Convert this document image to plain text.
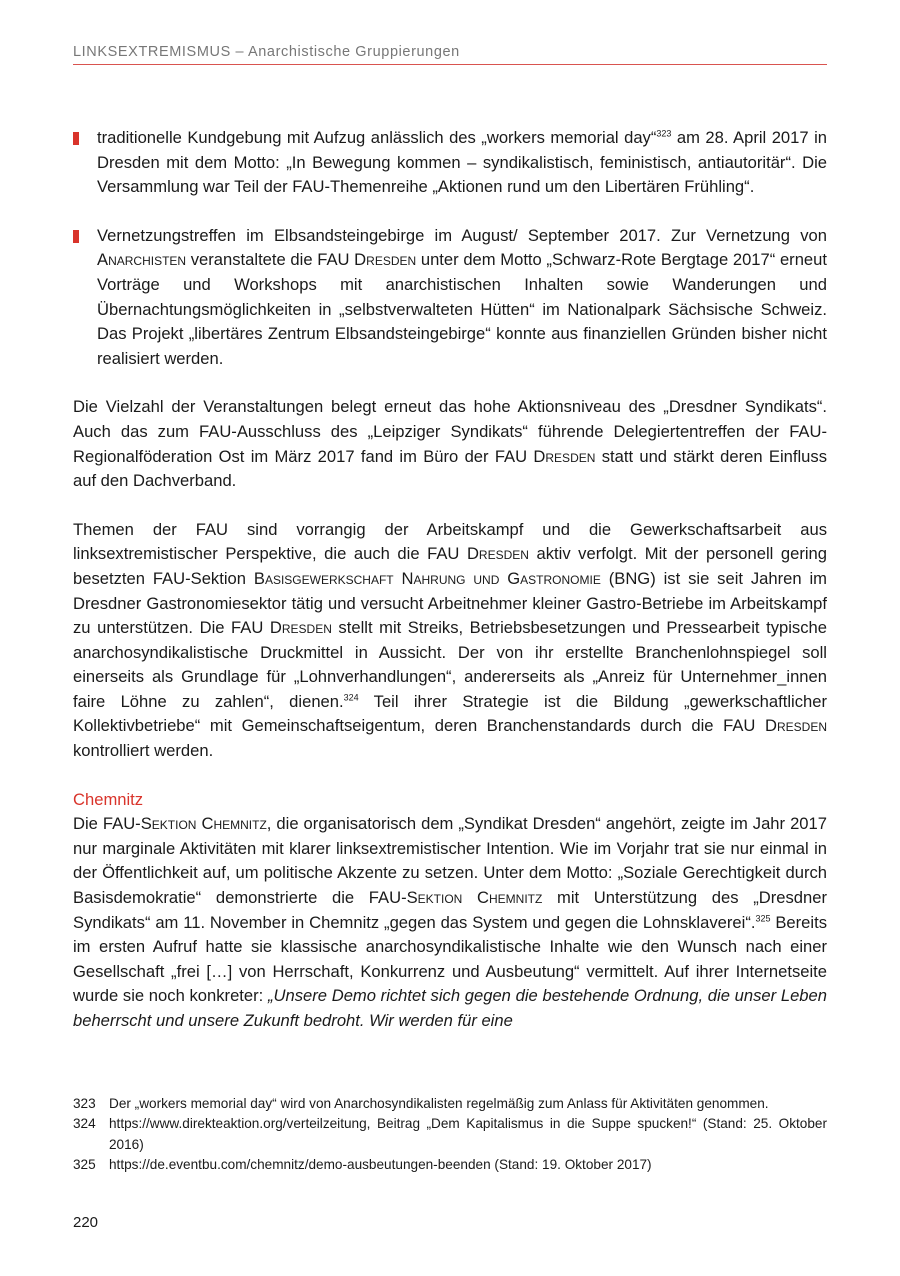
LINKSEXTREMISMUS – Anarchistische Gruppierungen
traditionelle Kundgebung mit Aufzug anlässlich des „workers memorial day“$^{323}$ am 28. April 2017 in Dresden mit dem Motto: „In Bewegung kommen – syndikalistisch, feministisch, antiautoritär“. Die Versammlung war Teil der FAU-Themenreihe „Aktionen rund um den Libertären Frühling“.
Vernetzungstreffen im Elbsandsteingebirge im August/ September 2017. Zur Vernetzung von Anarchisten veranstaltete die FAU Dresden unter dem Motto „Schwarz-Rote Bergtage 2017“ erneut Vorträge und Workshops mit anarchistischen Inhalten sowie Wanderungen und Übernachtungsmöglichkeiten in „selbstverwalteten Hütten“ im Nationalpark Sächsische Schweiz. Das Projekt „libertäres Zentrum Elbsandsteingebirge“ konnte aus finanziellen Gründen bisher nicht realisiert werden.

Die Vielzahl der Veranstaltungen belegt erneut das hohe Aktionsniveau des „Dresdner Syndikats“. Auch das zum FAU-Ausschluss des „Leipziger Syndikats“ führende Delegiertentreffen der FAU-Regionalföderation Ost im März 2017 fand im Büro der FAU Dresden statt und stärkt deren Einfluss auf den Dachverband.

Themen der FAU sind vorrangig der Arbeitskampf und die Gewerkschaftsarbeit aus linksextremistischer Perspektive, die auch die FAU Dresden aktiv verfolgt. Mit der personell gering besetzten FAU-Sektion Basisgewerkschaft Nahrung und Gastronomie (BNG) ist sie seit Jahren im Dresdner Gastronomiesektor tätig und versucht Arbeitnehmer kleiner Gastro-Betriebe im Arbeitskampf zu unterstützen. Die FAU Dresden stellt mit Streiks, Betriebsbesetzungen und Pressearbeit typische anarchosyndikalistische Druckmittel in Aussicht. Der von ihr erstellte Branchenlohnspiegel soll einerseits als Grundlage für „Lohnverhandlungen“, andererseits als „Anreiz für Unternehmer_innen faire Löhne zu zahlen“, dienen.$^{324}$ Teil ihrer Strategie ist die Bildung „gewerkschaftlicher Kollektivbetriebe“ mit Gemeinschaftseigentum, deren Branchenstandards durch die FAU Dresden kontrolliert werden.

Chemnitz

Die FAU-Sektion Chemnitz, die organisatorisch dem „Syndikat Dresden“ angehört, zeigte im Jahr 2017 nur marginale Aktivitäten mit klarer linksextremistischer Intention. Wie im Vorjahr trat sie nur einmal in der Öffentlichkeit auf, um politische Akzente zu setzen. Unter dem Motto: „Soziale Gerechtigkeit durch Basisdemokratie“ demonstrierte die FAU-Sektion Chemnitz mit Unterstützung des „Dresdner Syndikats“ am 11. November in Chemnitz „gegen das System und gegen die Lohnsklaverei“.$^{325}$ Bereits im ersten Aufruf hatte sie klassische anarchosyndikalistische Inhalte wie den Wunsch nach einer Gesellschaft „frei […] von Herrschaft, Konkurrenz und Ausbeutung“ vermittelt. Auf ihrer Internetseite wurde sie noch konkreter: „Unsere Demo richtet sich gegen die bestehende Ordnung, die unser Leben beherrscht und unsere Zukunft bedroht. Wir werden für eine

323 Der „workers memorial day“ wird von Anarchosyndikalisten regelmäßig zum Anlass für Aktivitäten genommen.
324 https://www.direkteaktion.org/verteilzeitung, Beitrag „Dem Kapitalismus in die Suppe spucken!“ (Stand: 25. Oktober 2016)
325 https://de.eventbu.com/chemnitz/demo-ausbeutungen-beenden (Stand: 19. Oktober 2017)
220
